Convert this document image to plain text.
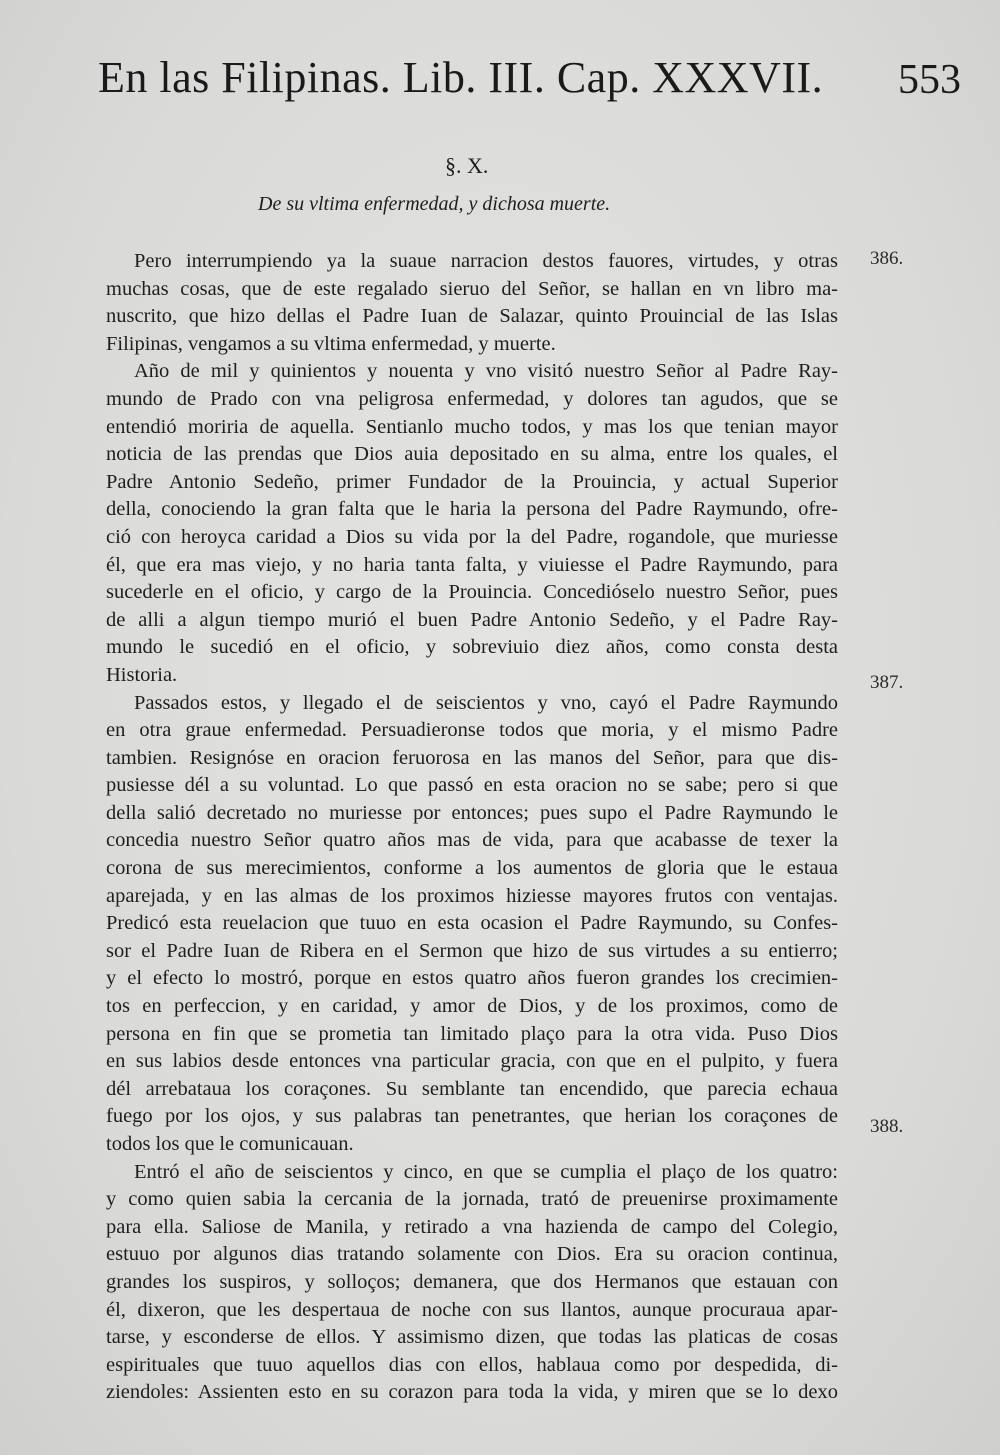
En las Filipinas. Lib. III. Cap. XXXVII. 553
§. X.
De su vltima enfermedad, y dichosa muerte.
386.
387.
388.
Pero interrumpiendo ya la suaue narracion destos fauores, virtudes, y otras
muchas cosas, que de este regalado sieruo del Señor, se hallan en vn libro ma-
nuscrito, que hizo dellas el Padre Iuan de Salazar, quinto Prouincial de las Islas
Filipinas, vengamos a su vltima enfermedad, y muerte.
Año de mil y quinientos y nouenta y vno visitó nuestro Señor al Padre Ray-
mundo de Prado con vna peligrosa enfermedad, y dolores tan agudos, que se
entendió moriria de aquella. Sentianlo mucho todos, y mas los que tenian mayor
noticia de las prendas que Dios auia depositado en su alma, entre los quales, el
Padre Antonio Sedeño, primer Fundador de la Prouincia, y actual Superior
della, conociendo la gran falta que le haria la persona del Padre Raymundo, ofre-
ció con heroyca caridad a Dios su vida por la del Padre, rogandole, que muriesse
él, que era mas viejo, y no haria tanta falta, y viuiesse el Padre Raymundo, para
sucederle en el oficio, y cargo de la Prouincia. Concedióselo nuestro Señor, pues
de alli a algun tiempo murió el buen Padre Antonio Sedeño, y el Padre Ray-
mundo le sucedió en el oficio, y sobreviuio diez años, como consta desta
Historia.
Passados estos, y llegado el de seiscientos y vno, cayó el Padre Raymundo
en otra graue enfermedad. Persuadieronse todos que moria, y el mismo Padre
tambien. Resignóse en oracion feruorosa en las manos del Señor, para que dis-
pusiesse dél a su voluntad. Lo que passó en esta oracion no se sabe; pero si que
della salió decretado no muriesse por entonces; pues supo el Padre Raymundo le
concedia nuestro Señor quatro años mas de vida, para que acabasse de texer la
corona de sus merecimientos, conforme a los aumentos de gloria que le estaua
aparejada, y en las almas de los proximos hiziesse mayores frutos con ventajas.
Predicó esta reuelacion que tuuo en esta ocasion el Padre Raymundo, su Confes-
sor el Padre Iuan de Ribera en el Sermon que hizo de sus virtudes a su entierro;
y el efecto lo mostró, porque en estos quatro años fueron grandes los crecimien-
tos en perfeccion, y en caridad, y amor de Dios, y de los proximos, como de
persona en fin que se prometia tan limitado plaço para la otra vida. Puso Dios
en sus labios desde entonces vna particular gracia, con que en el pulpito, y fuera
dél arrebataua los coraçones. Su semblante tan encendido, que parecia echaua
fuego por los ojos, y sus palabras tan penetrantes, que herian los coraçones de
todos los que le comunicauan.
Entró el año de seiscientos y cinco, en que se cumplia el plaço de los quatro:
y como quien sabia la cercania de la jornada, trató de preuenirse proximamente
para ella. Saliose de Manila, y retirado a vna hazienda de campo del Colegio,
estuuo por algunos dias tratando solamente con Dios. Era su oracion continua,
grandes los suspiros, y solloços; demanera, que dos Hermanos que estauan con
él, dixeron, que les despertaua de noche con sus llantos, aunque procuraua apar-
tarse, y esconderse de ellos. Y assimismo dizen, que todas las platicas de cosas
espirituales que tuuo aquellos dias con ellos, hablaua como por despedida, di-
ziendoles: Assienten esto en su corazon para toda la vida, y miren que se lo dexo
